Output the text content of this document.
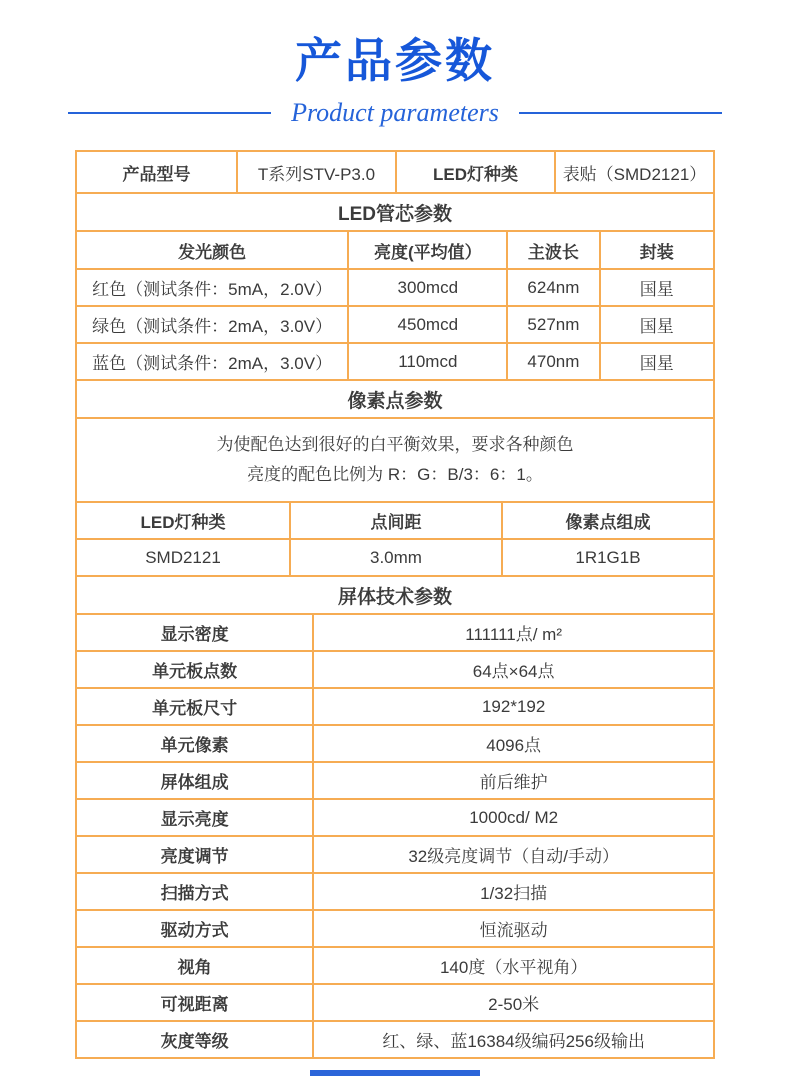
产品参数
Product parameters
产品型号	T系列STV-P3.0	LED灯种类	表贴（SMD2121）
LED管芯参数
发光颜色	亮度(平均值）	主波长	封装
红色（测试条件：5mA，2.0V）	300mcd	624nm	国星
绿色（测试条件：2mA，3.0V）	450mcd	527nm	国星
蓝色（测试条件：2mA，3.0V）	110mcd	470nm	国星
像素点参数
为使配色达到很好的白平衡效果，要求各种颜色
亮度的配色比例为 R：G：B/3：6：1。
LED灯种类	点间距	像素点组成
SMD2121	3.0mm	1R1G1B
屏体技术参数
显示密度	111111点/ m²
单元板点数	64点×64点
单元板尺寸	192*192
单元像素	4096点
屏体组成	前后维护
显示亮度	1000cd/ M2
亮度调节	32级亮度调节（自动/手动）
扫描方式	1/32扫描
驱动方式	恒流驱动
视角	140度（水平视角）
可视距离	2-50米
灰度等级	红、绿、蓝16384级编码256级输出
